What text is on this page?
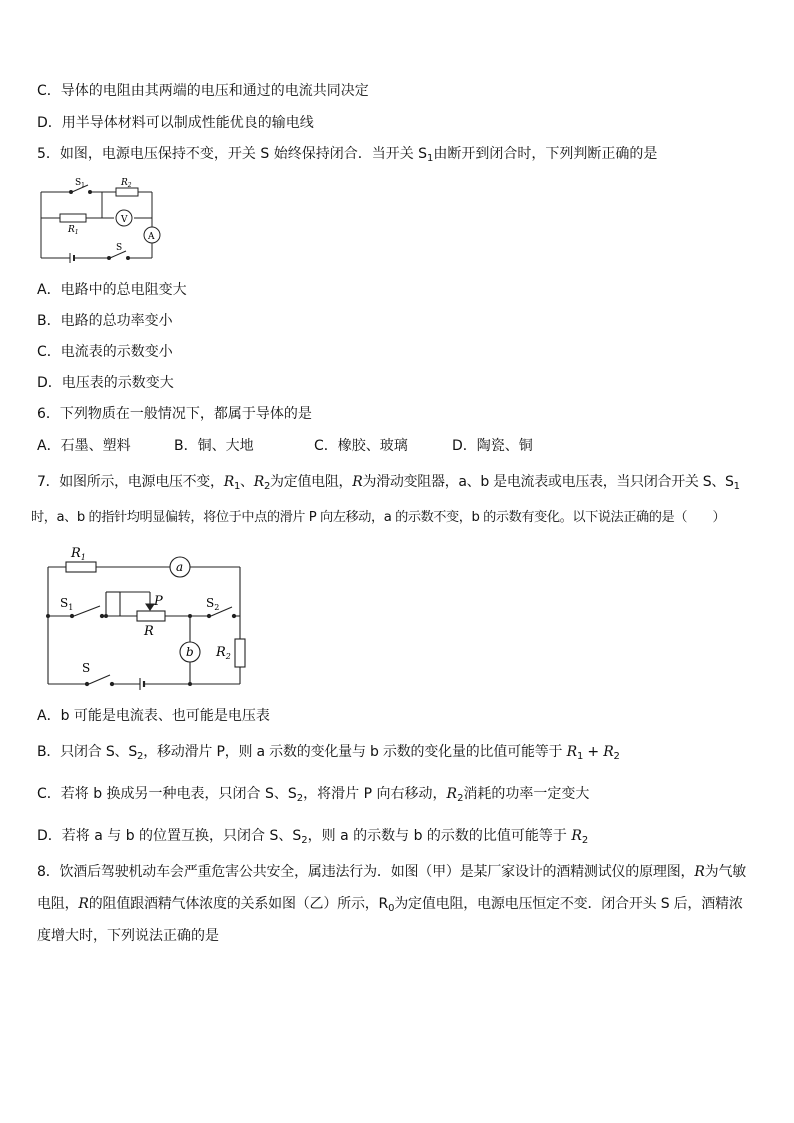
C．导体的电阻由其两端的电压和通过的电流共同决定
D．用半导体材料可以制成性能优良的输电线
5．如图，电源电压保持不变，开关 S 始终保持闭合．当开关 $S_1$由断开到闭合时，下列判断正确的是
$S_1$	$R_2$
$R_1$
V
A
S
A．电路中的总电阻变大
B．电路的总功率变小
C．电流表的示数变小
D．电压表的示数变大
6．下列物质在一般情况下，都属于导体的是
A．石墨、塑料	B．铜、大地	C．橡胶、玻璃	D．陶瓷、铜
7．如图所示，电源电压不变，$R_1$、$R_2$为定值电阻，R为滑动变阻器，a、b 是电流表或电压表，当只闭合开关 S、$S_1$
时，a、b 的指针均明显偏转，将位于中点的滑片 P 向左移动，a 的示数不变，b 的示数有变化。以下说法正确的是（　　）
$R_1$
a
$S_1$	P
R
$S_2$
b $R_2$
S
A．b 可能是电流表、也可能是电压表
B．只闭合 S、$S_2$，移动滑片 P，则 a 示数的变化量与 b 示数的变化量的比值可能等于 $R_1 + R_2$
C．若将 b 换成另一种电表，只闭合 S、$S_2$，将滑片 P 向右移动，$R_2$消耗的功率一定变大
D．若将 a 与 b 的位置互换，只闭合 S、$S_2$，则 a 的示数与 b 的示数的比值可能等于 $R_2$
8．饮酒后驾驶机动车会严重危害公共安全，属违法行为．如图（甲）是某厂家设计的酒精测试仪的原理图，R为气敏
电阻，R的阻值跟酒精气体浓度的关系如图（乙）所示，$R_0$为定值电阻，电源电压恒定不变．闭合开头 S 后，酒精浓
度增大时，下列说法正确的是
